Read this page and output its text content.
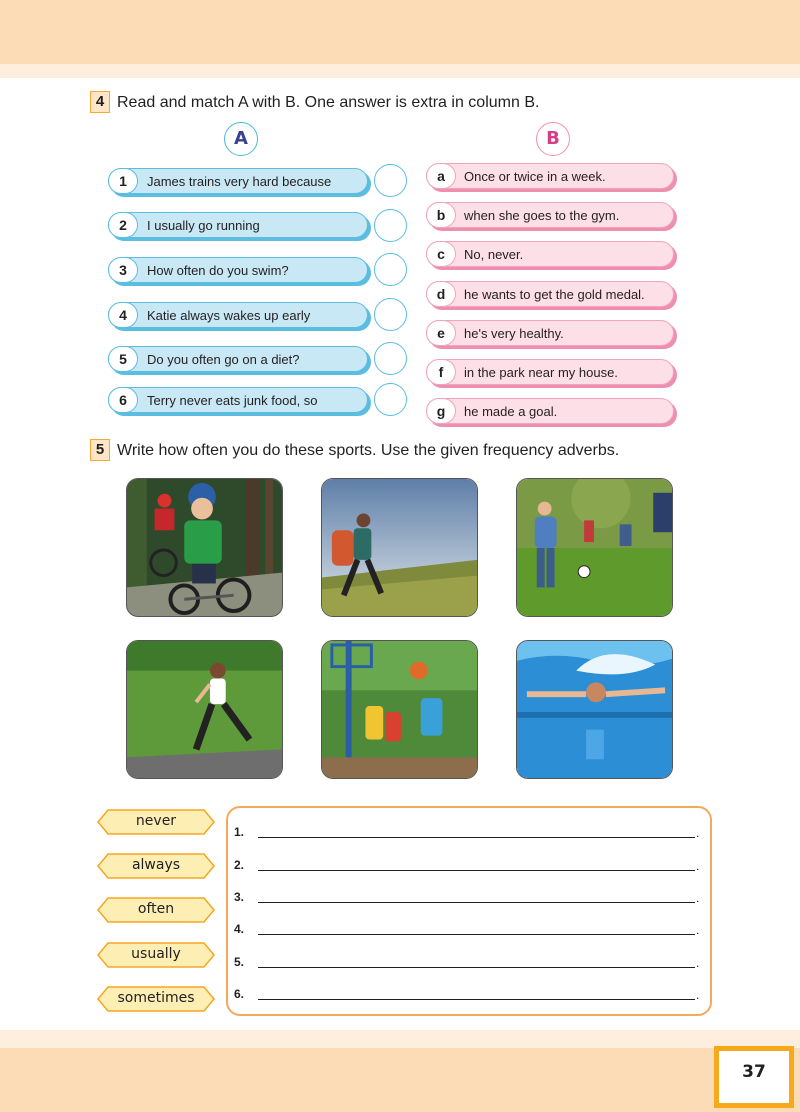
4 Read and match A with B. One answer is extra in column B.
A	B
1	James trains very hard because
2	I usually go running
3	How often do you swim?
4	Katie always wakes up early
5	Do you often go on a diet?
6	Terry never eats junk food, so
a	Once or twice in a week.
b	when she goes to the gym.
c	No, never.
d	he wants to get the gold medal.
e	he's very healthy.
f	in the park near my house.
g	he made a goal.
5 Write how often you do these sports. Use the given frequency adverbs.
never
always
often
usually
sometimes
1.	.
2.	.
3.	.
4.	.
5.	.
6.	.
37
